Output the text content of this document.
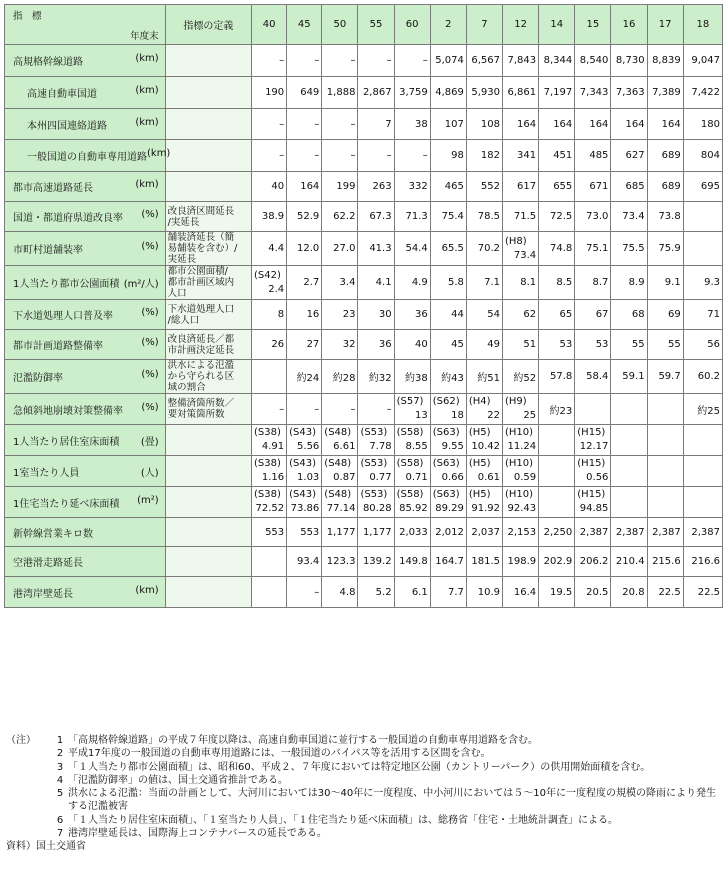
年度末
指　標	指標の定義	40	45	50	55	60	2	7	12	14	15	16	17	18

高規格幹線道路 (km)		–	–	–	–	–	5,074	6,567	7,843	8,344	8,540	8,730	8,839	9,047

高速自動車国道 (km)		190	649	1,888	2,867	3,759	4,869	5,930	6,861	7,197	7,343	7,363	7,389	7,422

本州四国連絡道路 (km)		–	–	–	7	38	107	108	164	164	164	164	164	180

一般国道の自動車専用道路 (km)		–	–	–	–	–	98	182	341	451	485	627	689	804

都市高速道路延長 (km)		40	164	199	263	332	465	552	617	655	671	685	689	695

国道・都道府県道改良率 (%)	改良済区間延長
/実延長	38.9	52.9	62.2	67.3	71.3	75.4	78.5	71.5	72.5	73.0	73.4	73.8	

市町村道舗装率 (%)	舗装済延長（簡
易舗装を含む）/
実延長	4.4	12.0	27.0	41.3	54.4	65.5	70.2	(H8)
73.4	74.8	75.1	75.5	75.9	

1人当たり都市公園面積 (m²/人)	都市公園面積/
都市計画区域内
人口	(S42)
2.4	2.7	3.4	4.1	4.9	5.8	7.1	8.1	8.5	8.7	8.9	9.1	9.3

下水道処理人口普及率 (%)	下水道処理人口
/総人口	8	16	23	30	36	44	54	62	65	67	68	69	71

都市計画道路整備率 (%)	改良済延長／都
市計画決定延長	26	27	32	36	40	45	49	51	53	53	55	55	56

氾濫防御率 (%)	洪水による氾濫
から守られる区
域の割合		約24	約28	約32	約38	約43	約51	約52	57.8	58.4	59.1	59.7	60.2

急傾斜地崩壊対策整備率 (%)	整備済箇所数／
要対策箇所数	–	–	–	–	(S57)
13	(S62)
18	(H4)
22	(H9)
25	約23				約25

1人当たり居住室床面積 (畳)		(S38)
4.91	(S43)
5.56	(S48)
6.61	(S53)
7.78	(S58)
8.55	(S63)
9.55	(H5)
10.42	(H10)
11.24		(H15)
12.17			

1室当たり人員 (人)		(S38)
1.16	(S43)
1.03	(S48)
0.87	(S53)
0.77	(S58)
0.71	(S63)
0.66	(H5)
0.61	(H10)
0.59		(H15)
0.56			

1住宅当たり延べ床面積 (m²)		(S38)
72.52	(S43)
73.86	(S48)
77.14	(S53)
80.28	(S58)
85.92	(S63)
89.29	(H5)
91.92	(H10)
92.43		(H15)
94.85			

新幹線営業キロ数		553	553	1,177	1,177	2,033	2,012	2,037	2,153	2,250	2,387	2,387	2,387	2,387

空港滑走路延長			93.4	123.3	139.2	149.8	164.7	181.5	198.9	202.9	206.2	210.4	215.6	216.6

港湾岸壁延長 (km)			–	4.8	5.2	6.1	7.7	10.9	16.4	19.5	20.5	20.8	22.5	22.5
（注）	1 「高規格幹線道路」の平成７年度以降は、高速自動車国道に並行する一般国道の自動車専用道路を含む。
2 平成17年度の一般国道の自動車専用道路には、一般国道のバイパス等を活用する区間を含む。
3 「１人当たり都市公園面積」は、昭和60、平成２、７年度においては特定地区公園（カントリーパーク）の供用開始面積を含む。
4 「氾濫防御率」の値は、国土交通省推計である。
5 洪水による氾濫：当面の計画として、大河川においては30～40年に一度程度、中小河川においては５～10年に一度程度の規模の降雨により発生する氾濫被害
6 「１人当たり居住室床面積」、「１室当たり人員」、「１住宅当たり延べ床面積」は、総務省「住宅・土地統計調査」による。
7 港湾岸壁延長は、国際海上コンテナバースの延長である。
資料） 国土交通省
